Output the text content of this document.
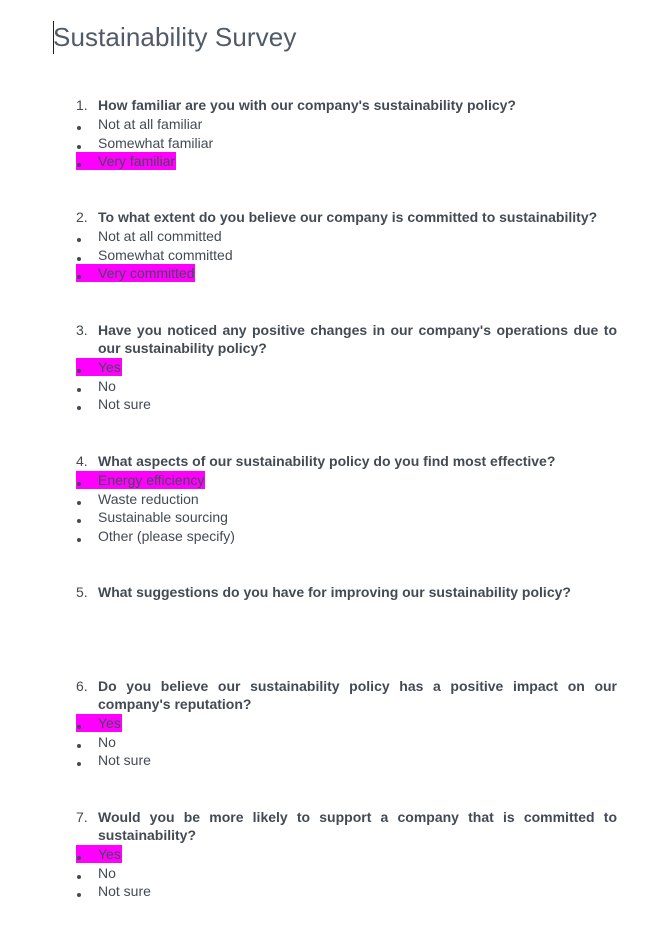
Sustainability Survey
1. How familiar are you with our company's sustainability policy?
Not at all familiar
Somewhat familiar
Very familiar
2. To what extent do you believe our company is committed to sustainability?
Not at all committed
Somewhat committed
Very committed
3. Have you noticed any positive changes in our company's operations due to our sustainability policy?
Yes
No
Not sure
4. What aspects of our sustainability policy do you find most effective?
Energy efficiency
Waste reduction
Sustainable sourcing
Other (please specify)
5. What suggestions do you have for improving our sustainability policy?
6. Do you believe our sustainability policy has a positive impact on our company's reputation?
Yes
No
Not sure
7. Would you be more likely to support a company that is committed to sustainability?
Yes
No
Not sure
